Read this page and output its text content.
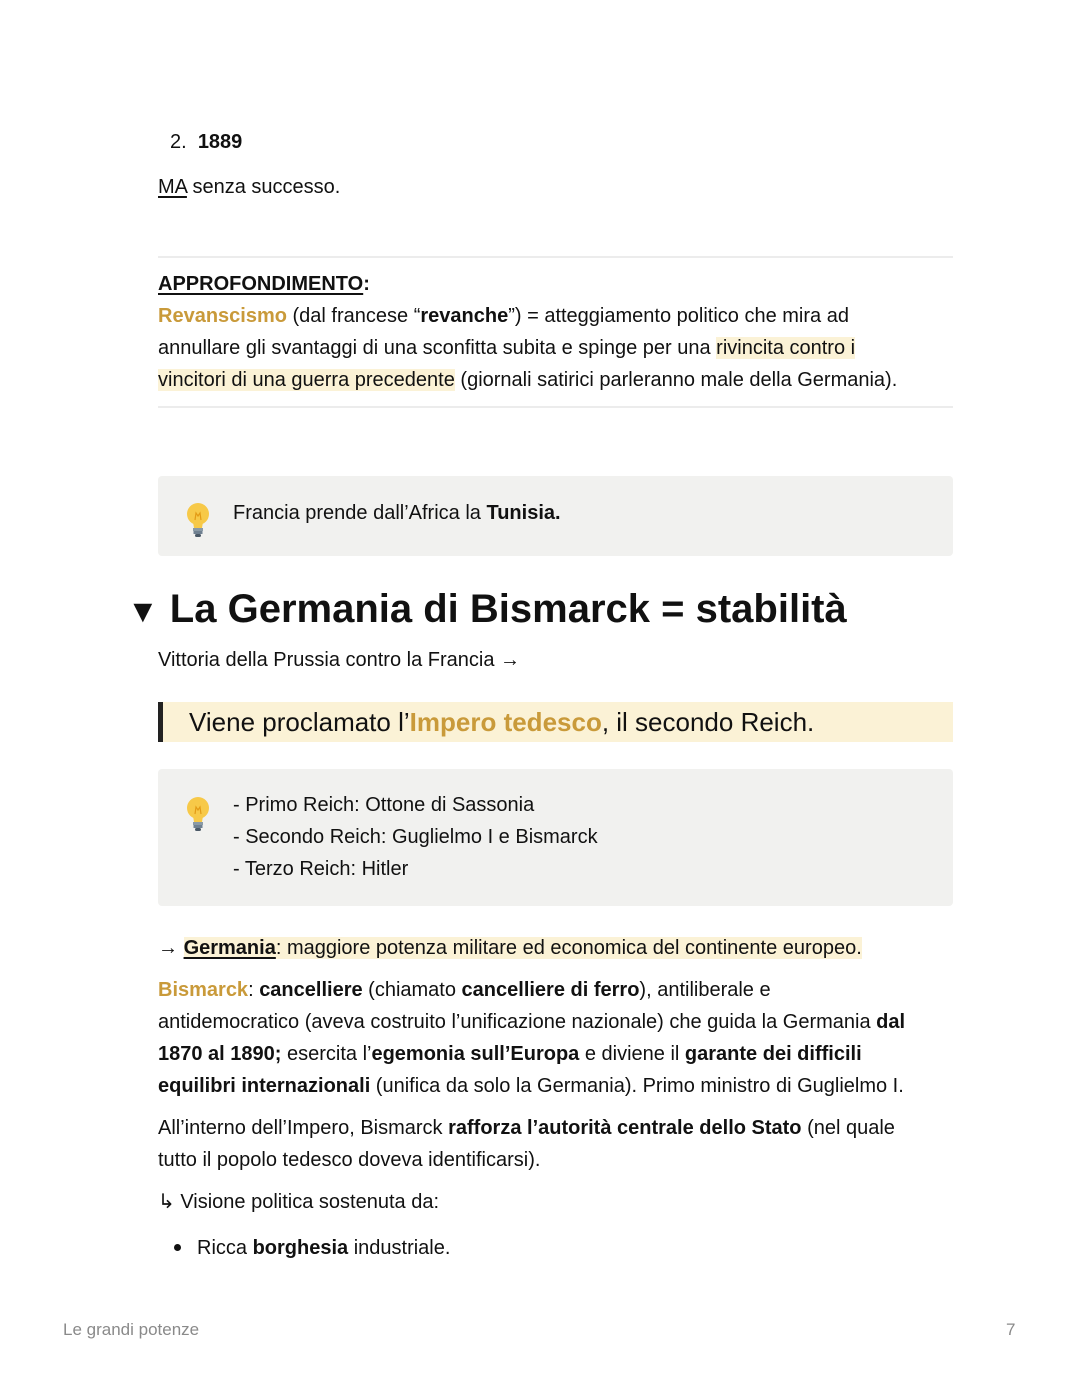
2. 1889
MA senza successo.
APPROFONDIMENTO:
Revanscismo (dal francese “revanche”) = atteggiamento politico che mira ad
annullare gli svantaggi di una sconfitta subita e spinge per una rivincita contro i
vincitori di una guerra precedente (giornali satirici parleranno male della Germania).
Francia prende dall’Africa la Tunisia.
▼ La Germania di Bismarck = stabilità
Vittoria della Prussia contro la Francia →
Viene proclamato l’Impero tedesco, il secondo Reich.
- Primo Reich: Ottone di Sassonia
- Secondo Reich: Guglielmo I e Bismarck
- Terzo Reich: Hitler
→ Germania: maggiore potenza militare ed economica del continente europeo.
Bismarck: cancelliere (chiamato cancelliere di ferro), antiliberale e
antidemocratico (aveva costruito l’unificazione nazionale) che guida la Germania dal
1870 al 1890; esercita l’egemonia sull’Europa e diviene il garante dei difficili
equilibri internazionali (unifica da solo la Germania). Primo ministro di Guglielmo I.
All’interno dell’Impero, Bismarck rafforza l’autorità centrale dello Stato (nel quale
tutto il popolo tedesco doveva identificarsi).
↳ Visione politica sostenuta da:
Ricca borghesia industriale.
Le grandi potenze	7
